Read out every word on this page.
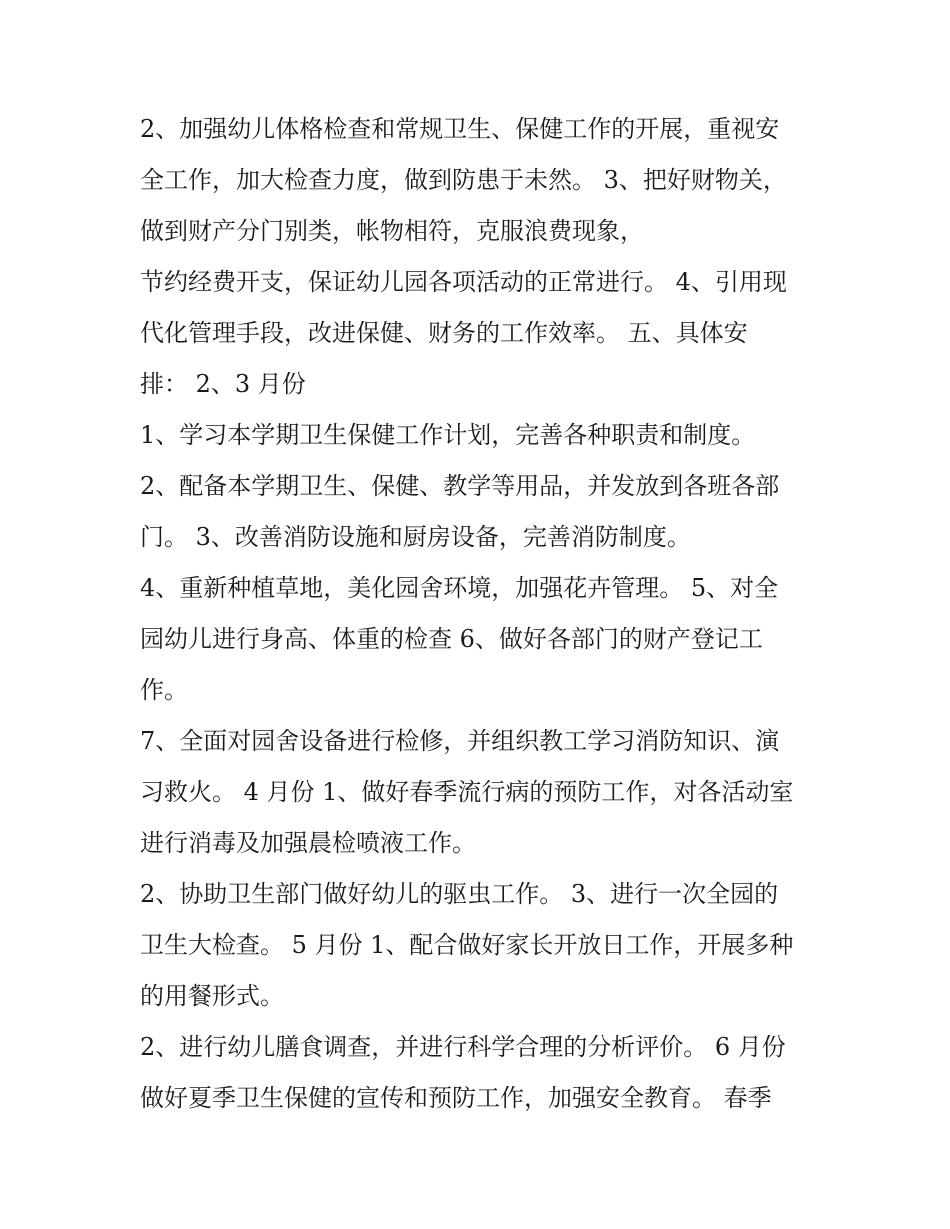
2、加强幼儿体格检查和常规卫生、保健工作的开展，重视安
全工作，加大检查力度，做到防患于未然。 3、把好财物关，
做到财产分门别类，帐物相符，克服浪费现象，
节约经费开支，保证幼儿园各项活动的正常进行。 4、引用现
代化管理手段，改进保健、财务的工作效率。 五、具体安
排： 2、3 月份
1、学习本学期卫生保健工作计划，完善各种职责和制度。
2、配备本学期卫生、保健、教学等用品，并发放到各班各部
门。 3、改善消防设施和厨房设备，完善消防制度。
4、重新种植草地，美化园舍环境，加强花卉管理。 5、对全
园幼儿进行身高、体重的检查 6、做好各部门的财产登记工
作。
7、全面对园舍设备进行检修，并组织教工学习消防知识、演
习救火。 4 月份 1、做好春季流行病的预防工作，对各活动室
进行消毒及加强晨检喷液工作。
2、协助卫生部门做好幼儿的驱虫工作。 3、进行一次全园的
卫生大检查。 5 月份 1、配合做好家长开放日工作，开展多种
的用餐形式。
2、进行幼儿膳食调查，并进行科学合理的分析评价。 6 月份
做好夏季卫生保健的宣传和预防工作，加强安全教育。 春季
